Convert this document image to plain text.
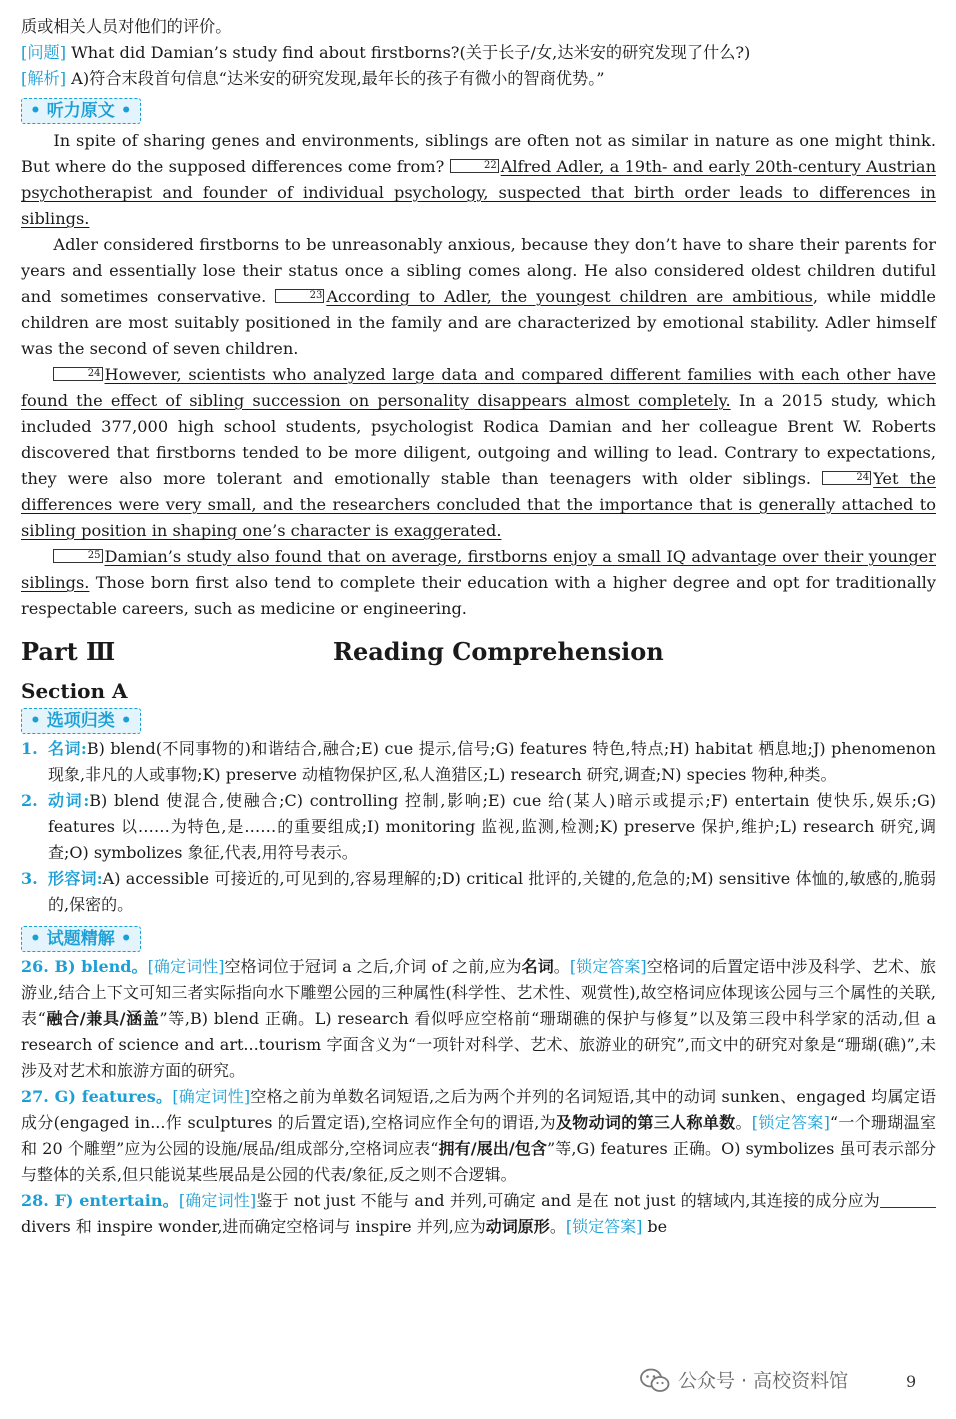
质或相关人员对他们的评价。

[问题] What did Damian’s study find about firstborns?(关于长子/女,达米安的研究发现了什么?)

[解析] A)符合末段首句信息“达米安的研究发现,最年长的孩子有微小的智商优势。”

• 听力原文 •

In spite of sharing genes and environments, siblings are often not as similar in nature as one might think. But where do the supposed differences come from?	22 Alfred Adler, a 19th- and early 20th-century Austrian psychotherapist and founder of individual psychology, suspected that birth order leads to differences in siblings.

Adler considered firstborns to be unreasonably anxious, because they don’t have to share their parents for years and essentially lose their status once a sibling comes along. He also considered oldest children dutiful and sometimes conservative.	23 According to Adler, the youngest children are ambitious, while middle children are most suitably positioned in the family and are characterized by emotional stability. Adler himself was the second of seven children.

24 However, scientists who analyzed large data and compared different families with each other have found the effect of sibling succession on personality disappears almost completely. In a 2015 study, which included 377,000 high school students, psychologist Rodica Damian and her colleague Brent W. Roberts discovered that firstborns tended to be more diligent, outgoing and willing to lead. Contrary to expectations, they were also more tolerant and emotionally stable than teenagers with older siblings.	24 Yet the differences were very small, and the researchers concluded that the importance that is generally attached to sibling position in shaping one’s character is exaggerated.

25 Damian’s study also found that on average, firstborns enjoy a small IQ advantage over their younger siblings. Those born first also tend to complete their education with a higher degree and opt for traditionally respectable careers, such as medicine or engineering.

Part Ⅲ	Reading Comprehension

Section A

• 选项归类 •
1. 名词:B) blend(不同事物的)和谐结合,融合;E) cue 提示,信号;G) features 特色,特点;H) habitat 栖息地;J) phenomenon 现象,非凡的人或事物;K) preserve 动植物保护区,私人渔猎区;L) research 研究,调查;N) species 物种,种类。
2. 动词:B) blend 使混合,使融合;C) controlling 控制,影响;E) cue 给(某人)暗示或提示;F) entertain 使快乐,娱乐;G) features 以……为特色,是……的重要组成;I) monitoring 监视,监测,检测;K) preserve 保护,维护;L) research 研究,调查;O) symbolizes 象征,代表,用符号表示。
3. 形容词:A) accessible 可接近的,可见到的,容易理解的;D) critical 批评的,关键的,危急的;M) sensitive 体恤的,敏感的,脆弱的,保密的。
• 试题精解 •

26. B) blend。[确定词性]空格词位于冠词 a 之后,介词 of 之前,应为名词。[锁定答案]空格词的后置定语中涉及科学、艺术、旅游业,结合上下文可知三者实际指向水下雕塑公园的三种属性(科学性、艺术性、观赏性),故空格词应体现该公园与三个属性的关联,表“融合/兼具/涵盖”等,B) blend 正确。L) research 看似呼应空格前“珊瑚礁的保护与修复”以及第三段中科学家的活动,但 a research of science and art...tourism 字面含义为“一项针对科学、艺术、旅游业的研究”,而文中的研究对象是“珊瑚(礁)”,未涉及对艺术和旅游方面的研究。

27. G) features。[确定词性]空格之前为单数名词短语,之后为两个并列的名词短语,其中的动词 sunken、engaged 均属定语成分(engaged in...作 sculptures 的后置定语),空格词应作全句的谓语,为及物动词的第三人称单数。[锁定答案]“一个珊瑚温室和 20 个雕塑”应为公园的设施/展品/组成部分,空格词应表“拥有/展出/包含”等,G) features 正确。O) symbolizes 虽可表示部分与整体的关系,但只能说某些展品是公园的代表/象征,反之则不合逻辑。

28. F) entertain。[确定词性]鉴于 not just 不能与 and 并列,可确定 and 是在 not just 的辖域内,其连接的成分应为 divers 和 inspire wonder,进而确定空格词与 inspire 并列,应为动词原形。[锁定答案] be

公众号 · 高校资料馆	9
